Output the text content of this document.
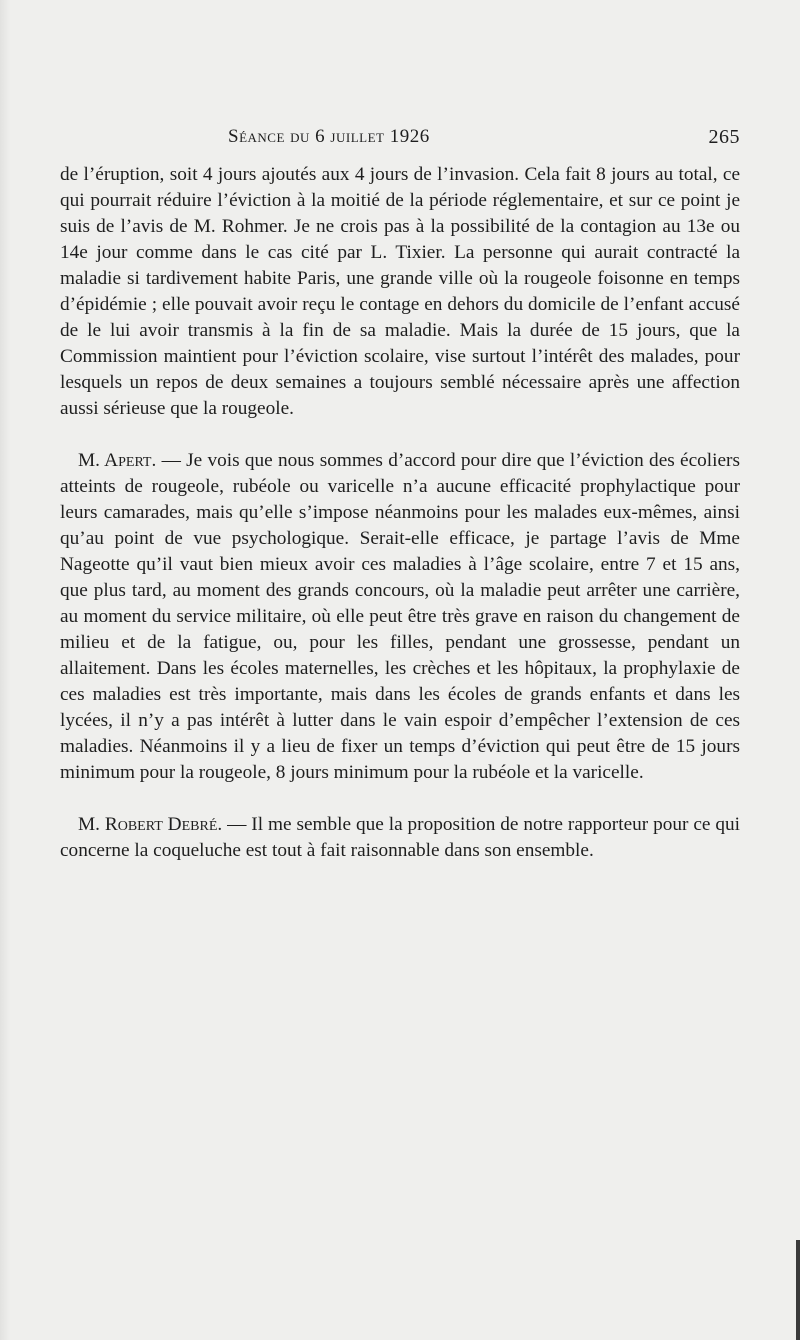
Séance du 6 juillet 1926	265

de l’éruption, soit 4 jours ajoutés aux 4 jours de l’invasion. Cela fait 8 jours au total, ce qui pourrait réduire l’éviction à la moitié de la période réglementaire, et sur ce point je suis de l’avis de M. Rohmer. Je ne crois pas à la possibilité de la contagion au 13e ou 14e jour comme dans le cas cité par L. Tixier. La personne qui aurait contracté la maladie si tardivement habite Paris, une grande ville où la rougeole foisonne en temps d’épidémie ; elle pouvait avoir reçu le contage en dehors du domicile de l’enfant accusé de le lui avoir transmis à la fin de sa maladie. Mais la durée de 15 jours, que la Commission maintient pour l’éviction scolaire, vise surtout l’intérêt des malades, pour lesquels un repos de deux semaines a toujours semblé nécessaire après une affection aussi sérieuse que la rougeole.

M. Apert. — Je vois que nous sommes d’accord pour dire que l’éviction des écoliers atteints de rougeole, rubéole ou varicelle n’a aucune efficacité prophylactique pour leurs camarades, mais qu’elle s’impose néanmoins pour les malades eux-mêmes, ainsi qu’au point de vue psychologique. Serait-elle efficace, je partage l’avis de Mme Nageotte qu’il vaut bien mieux avoir ces maladies à l’âge scolaire, entre 7 et 15 ans, que plus tard, au moment des grands concours, où la maladie peut arrêter une carrière, au moment du service militaire, où elle peut être très grave en raison du changement de milieu et de la fatigue, ou, pour les filles, pendant une grossesse, pendant un allaitement. Dans les écoles maternelles, les crèches et les hôpitaux, la prophylaxie de ces maladies est très importante, mais dans les écoles de grands enfants et dans les lycées, il n’y a pas intérêt à lutter dans le vain espoir d’empêcher l’extension de ces maladies. Néanmoins il y a lieu de fixer un temps d’éviction qui peut être de 15 jours minimum pour la rougeole, 8 jours minimum pour la rubéole et la varicelle.

M. Robert Debré. — Il me semble que la proposition de notre rapporteur pour ce qui concerne la coqueluche est tout à fait raisonnable dans son ensemble.
